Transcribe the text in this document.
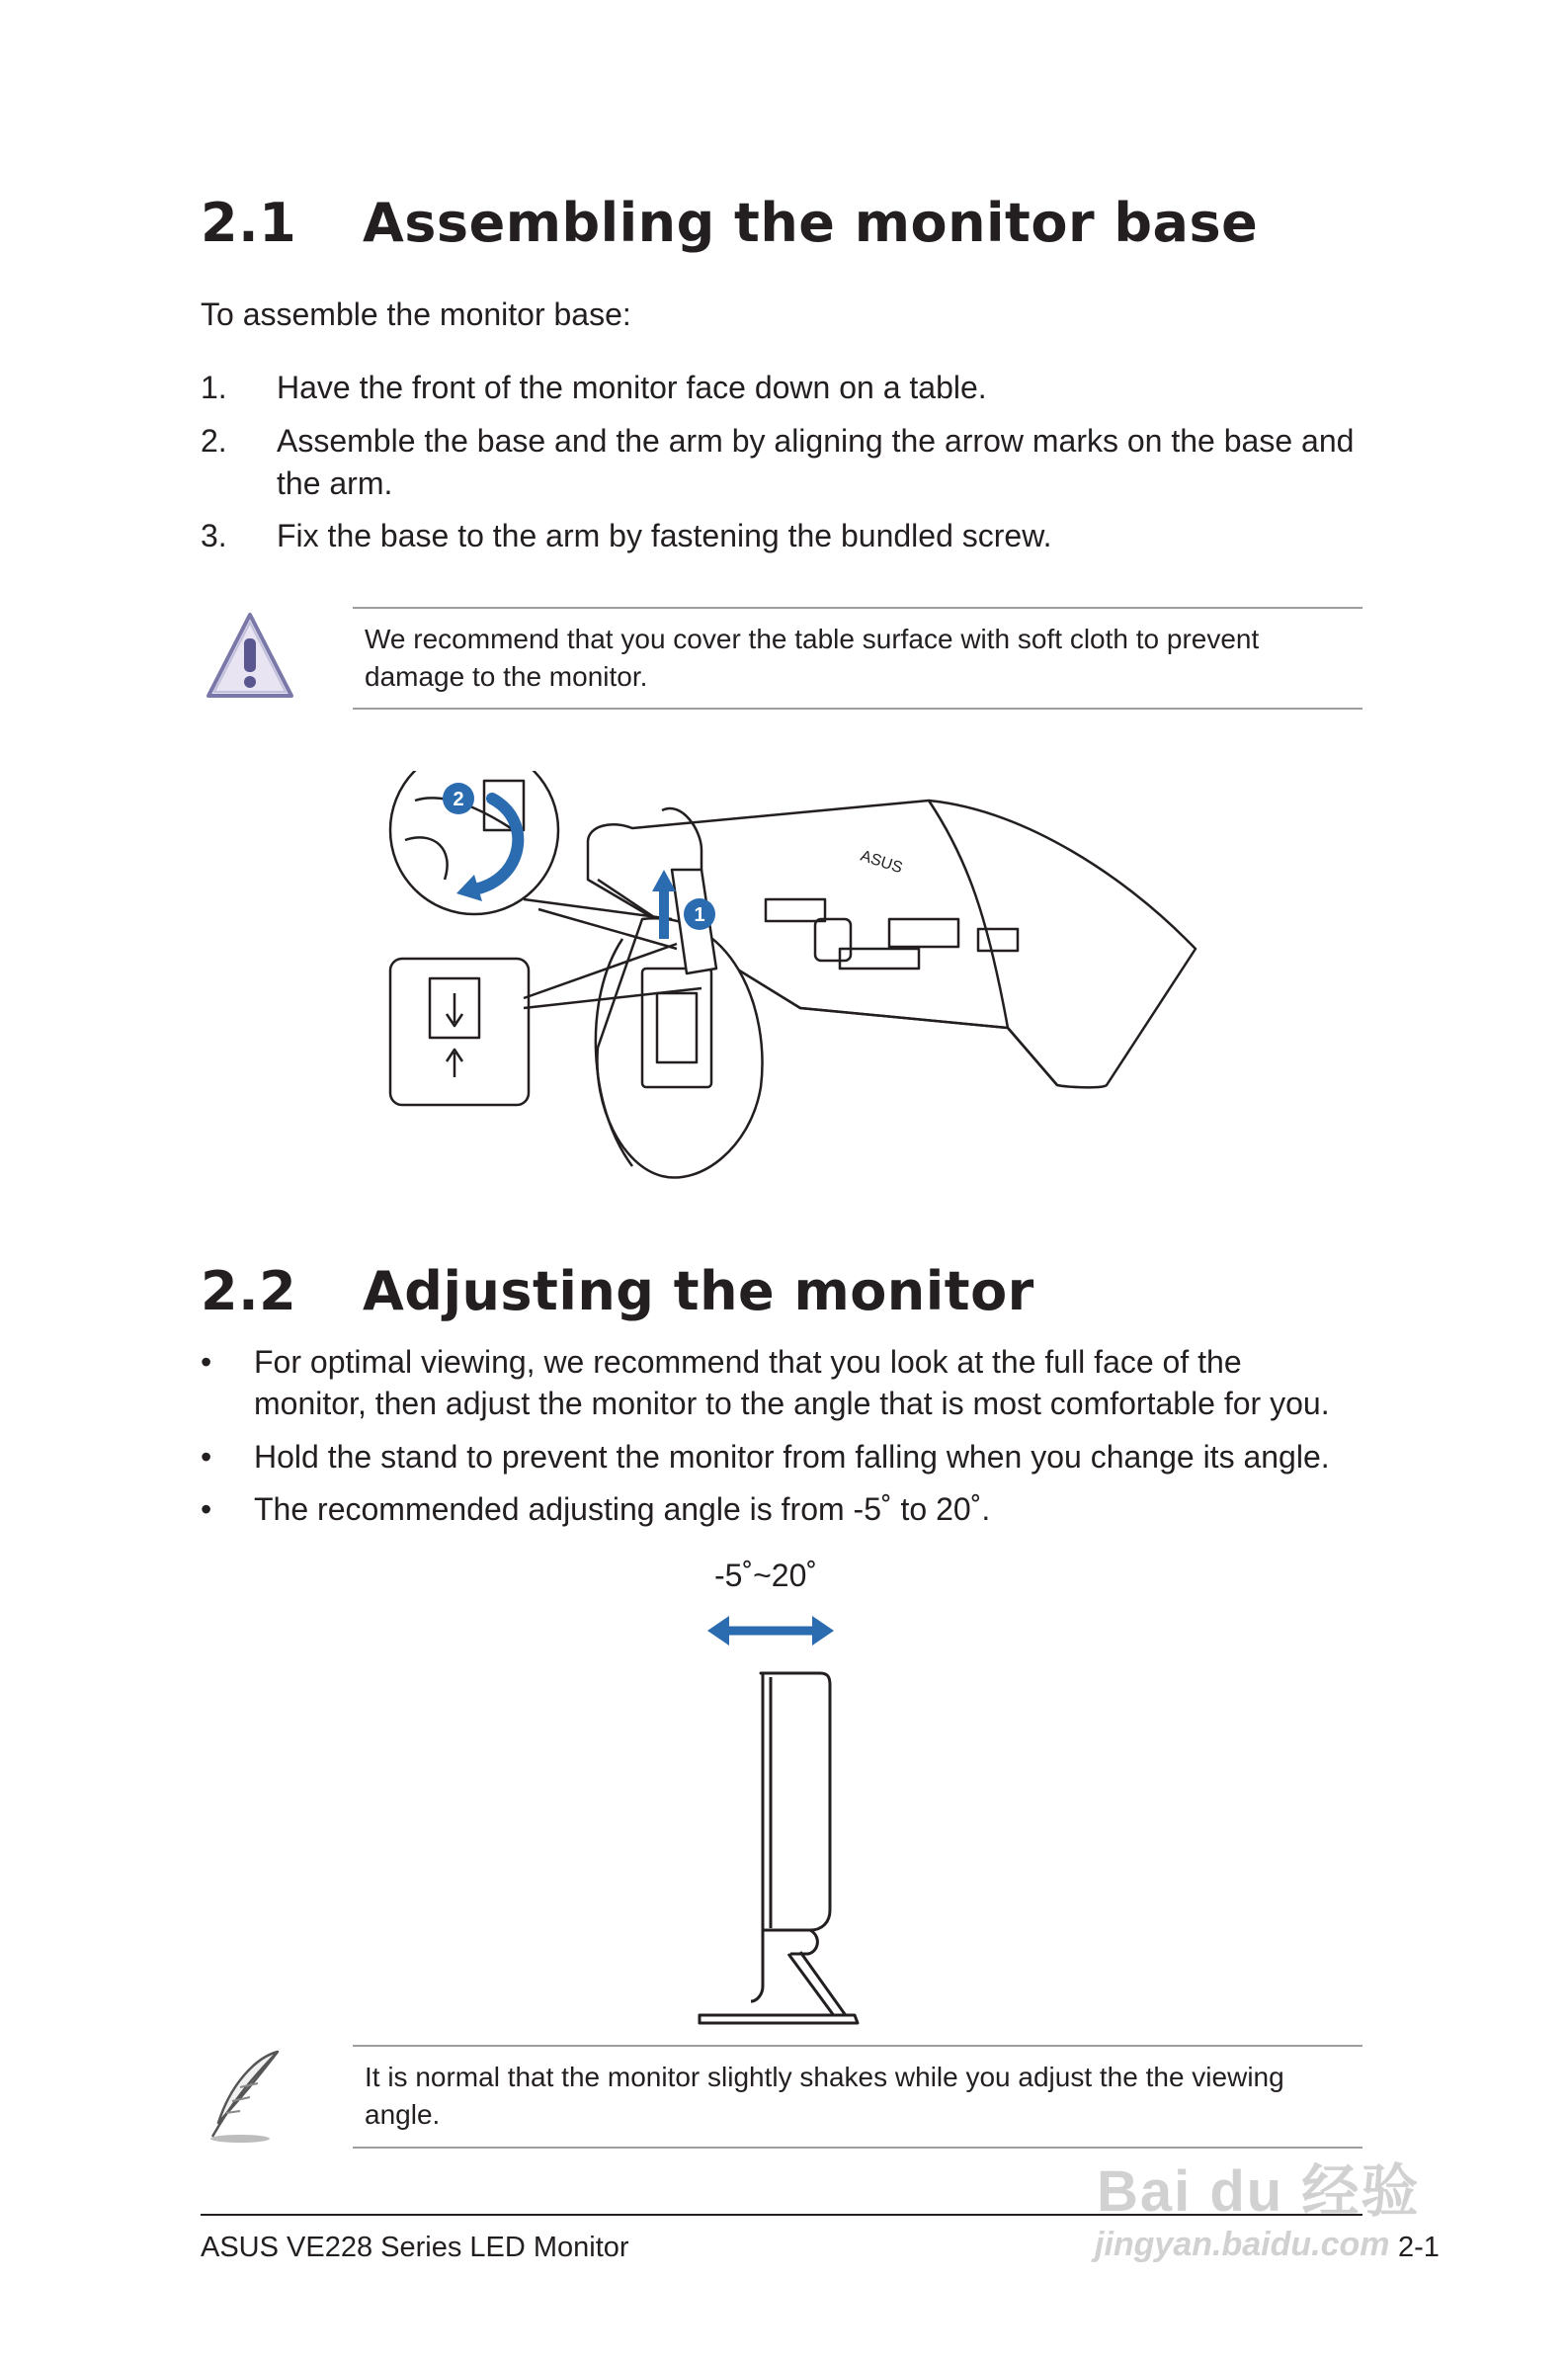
2.1 Assembling the monitor base
To assemble the monitor base:
1. Have the front of the monitor face down on a table.
2. Assemble the base and the arm by aligning the arrow marks on the base and
the arm.
3. Fix the base to the arm by fastening the bundled screw.
We recommend that you cover the table surface with soft cloth to prevent
damage to the monitor.
ASUS
2
1
2.2 Adjusting the monitor
• For optimal viewing, we recommend that you look at the full face of the
monitor, then adjust the monitor to the angle that is most comfortable for you.
• Hold the stand to prevent the monitor from falling when you change its angle.
• The recommended adjusting angle is from -5˚ to 20˚.
-5˚~20˚
It is normal that the monitor slightly shakes while you adjust the the viewing
angle.
ASUS VE228 Series LED Monitor	2-1
Bai du 经验
jingyan.baidu.com
